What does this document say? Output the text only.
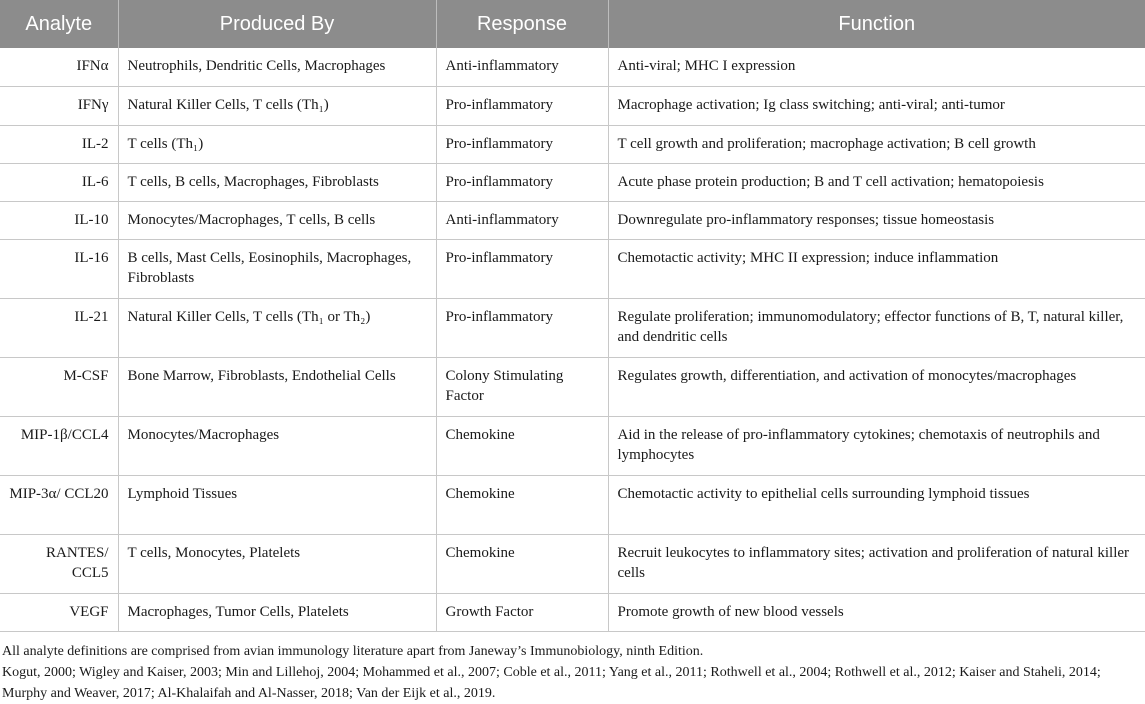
Analyte	Produced By	Response	Function
IFNα	Neutrophils, Dendritic Cells, Macrophages	Anti-inflammatory	Anti-viral; MHC I expression
IFNγ	Natural Killer Cells, T cells (Th₁)	Pro-inflammatory	Macrophage activation; Ig class switching; anti-viral; anti-tumor
IL-2	T cells (Th₁)	Pro-inflammatory	T cell growth and proliferation; macrophage activation; B cell growth
IL-6	T cells, B cells, Macrophages, Fibroblasts	Pro-inflammatory	Acute phase protein production; B and T cell activation; hematopoiesis
IL-10	Monocytes/Macrophages, T cells, B cells	Anti-inflammatory	Downregulate pro-inflammatory responses; tissue homeostasis
IL-16	B cells, Mast Cells, Eosinophils, Macrophages, Fibroblasts	Pro-inflammatory	Chemotactic activity; MHC II expression; induce inflammation
IL-21	Natural Killer Cells, T cells (Th₁ or Th₂)	Pro-inflammatory	Regulate proliferation; immunomodulatory; effector functions of B, T, natural killer, and dendritic cells
M-CSF	Bone Marrow, Fibroblasts, Endothelial Cells	Colony Stimulating Factor	Regulates growth, differentiation, and activation of monocytes/macrophages
MIP-1β/CCL4	Monocytes/Macrophages	Chemokine	Aid in the release of pro-inflammatory cytokines; chemotaxis of neutrophils and lymphocytes
MIP-3α/ CCL20	Lymphoid Tissues	Chemokine	Chemotactic activity to epithelial cells surrounding lymphoid tissues
RANTES/ CCL5	T cells, Monocytes, Platelets	Chemokine	Recruit leukocytes to inflammatory sites; activation and proliferation of natural killer cells
VEGF	Macrophages, Tumor Cells, Platelets	Growth Factor	Promote growth of new blood vessels
All analyte definitions are comprised from avian immunology literature apart from Janeway’s Immunobiology, ninth Edition.
Kogut, 2000; Wigley and Kaiser, 2003; Min and Lillehoj, 2004; Mohammed et al., 2007; Coble et al., 2011; Yang et al., 2011; Rothwell et al., 2004; Rothwell et al., 2012; Kaiser and Staheli, 2014; Murphy and Weaver, 2017; Al-Khalaifah and Al-Nasser, 2018; Van der Eijk et al., 2019.
